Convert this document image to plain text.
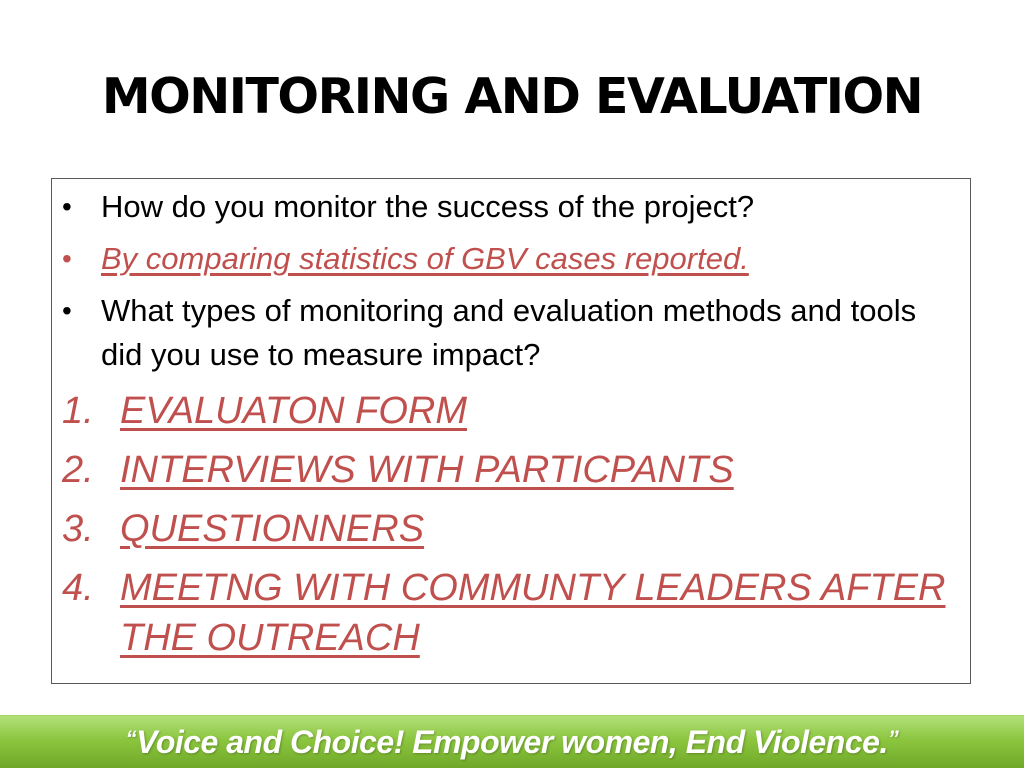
MONITORING AND EVALUATION
• How do you monitor the success of the project?
• By comparing statistics of GBV cases reported.
• What types of monitoring and evaluation methods and tools did you use to measure impact?
1. EVALUATON FORM
2. INTERVIEWS WITH PARTICPANTS
3. QUESTIONNERS
4. MEETNG WITH COMMUNTY LEADERS AFTER THE OUTREACH
“Voice and Choice! Empower women, End Violence.”
